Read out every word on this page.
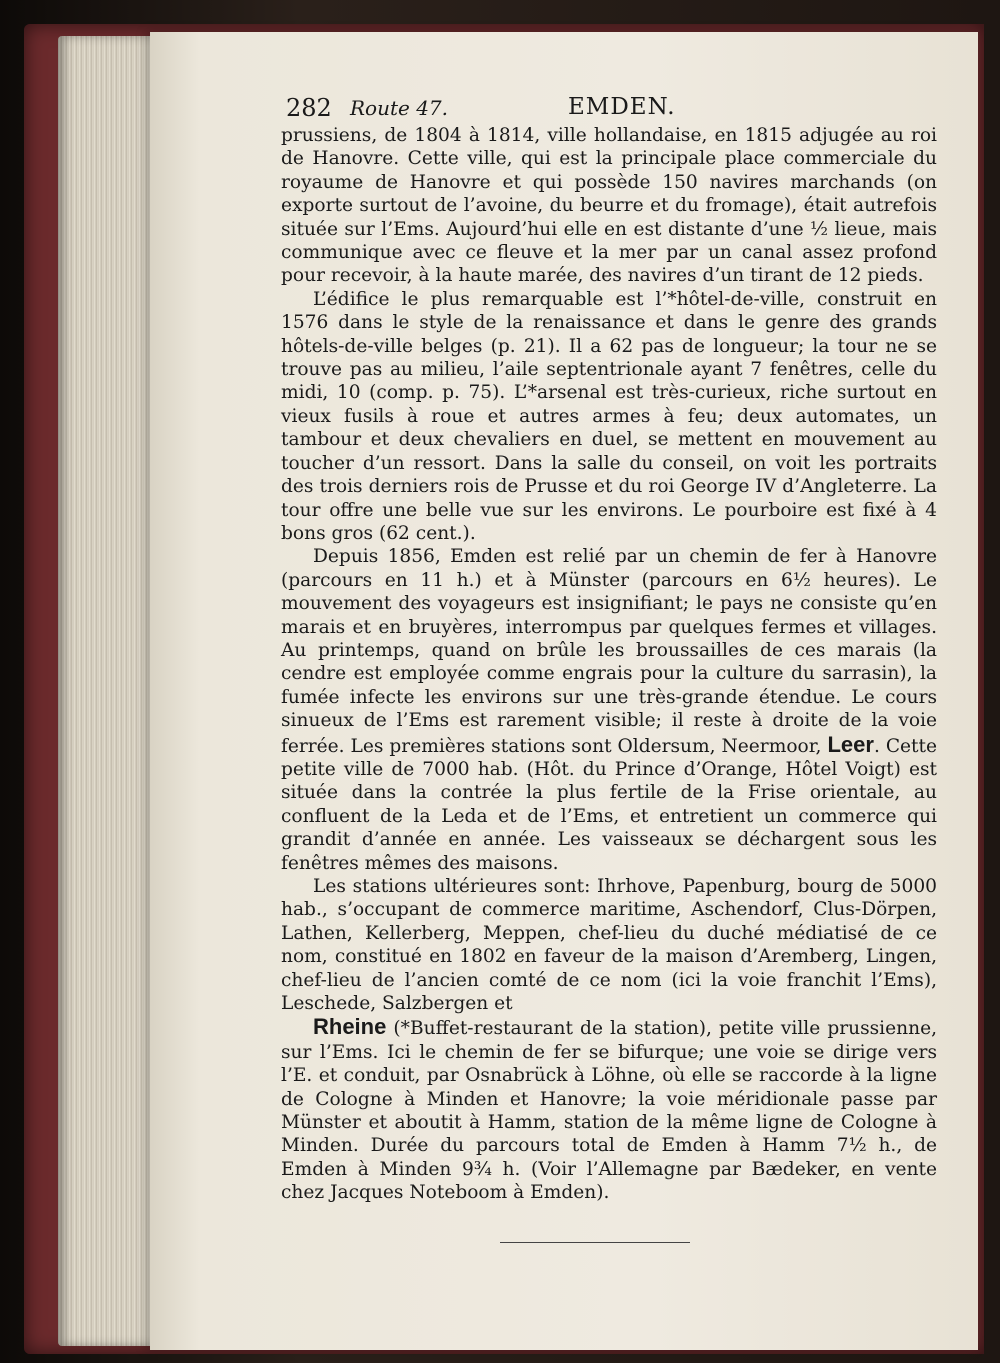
282 Route 47.	EMDEN.

prussiens, de 1804 à 1814, ville hollandaise, en 1815 adjugée au roi de Hanovre. Cette ville, qui est la principale place commerciale du royaume de Hanovre et qui possède 150 navires marchands (on exporte surtout de l’avoine, du beurre et du fromage), était autrefois située sur l’Ems. Aujourd’hui elle en est distante d’une ½ lieue, mais communique avec ce fleuve et la mer par un canal assez profond pour recevoir, à la haute marée, des navires d’un tirant de 12 pieds.

L’édifice le plus remarquable est l’*hôtel-de-ville, construit en 1576 dans le style de la renaissance et dans le genre des grands hôtels-de-ville belges (p. 21). Il a 62 pas de longueur; la tour ne se trouve pas au milieu, l’aile septentrionale ayant 7 fenêtres, celle du midi, 10 (comp. p. 75). L’*arsenal est très-curieux, riche surtout en vieux fusils à roue et autres armes à feu; deux automates, un tambour et deux chevaliers en duel, se mettent en mouvement au toucher d’un ressort. Dans la salle du conseil, on voit les portraits des trois derniers rois de Prusse et du roi George IV d’Angleterre. La tour offre une belle vue sur les environs. Le pourboire est fixé à 4 bons gros (62 cent.).

Depuis 1856, Emden est relié par un chemin de fer à Hanovre (parcours en 11 h.) et à Münster (parcours en 6½ heures). Le mouvement des voyageurs est insignifiant; le pays ne consiste qu’en marais et en bruyères, interrompus par quelques fermes et villages. Au printemps, quand on brûle les broussailles de ces marais (la cendre est employée comme engrais pour la culture du sarrasin), la fumée infecte les environs sur une très-grande étendue. Le cours sinueux de l’Ems est rarement visible; il reste à droite de la voie ferrée. Les premières stations sont Oldersum, Neermoor, Leer. Cette petite ville de 7000 hab. (Hôt. du Prince d’Orange, Hôtel Voigt) est située dans la contrée la plus fertile de la Frise orientale, au confluent de la Leda et de l’Ems, et entretient un commerce qui grandit d’année en année. Les vaisseaux se déchargent sous les fenêtres mêmes des maisons.

Les stations ultérieures sont: Ihrhove, Papenburg, bourg de 5000 hab., s’occupant de commerce maritime, Aschendorf, Clus-Dörpen, Lathen, Kellerberg, Meppen, chef-lieu du duché médiatisé de ce nom, constitué en 1802 en faveur de la maison d’Aremberg, Lingen, chef-lieu de l’ancien comté de ce nom (ici la voie franchit l’Ems), Leschede, Salzbergen et

Rheine (*Buffet-restaurant de la station), petite ville prussienne, sur l’Ems. Ici le chemin de fer se bifurque; une voie se dirige vers l’E. et conduit, par Osnabrück à Löhne, où elle se raccorde à la ligne de Cologne à Minden et Hanovre; la voie méridionale passe par Münster et aboutit à Hamm, station de la même ligne de Cologne à Minden. Durée du parcours total de Emden à Hamm 7½ h., de Emden à Minden 9¾ h. (Voir l’Allemagne par Bædeker, en vente chez Jacques Noteboom à Emden).
